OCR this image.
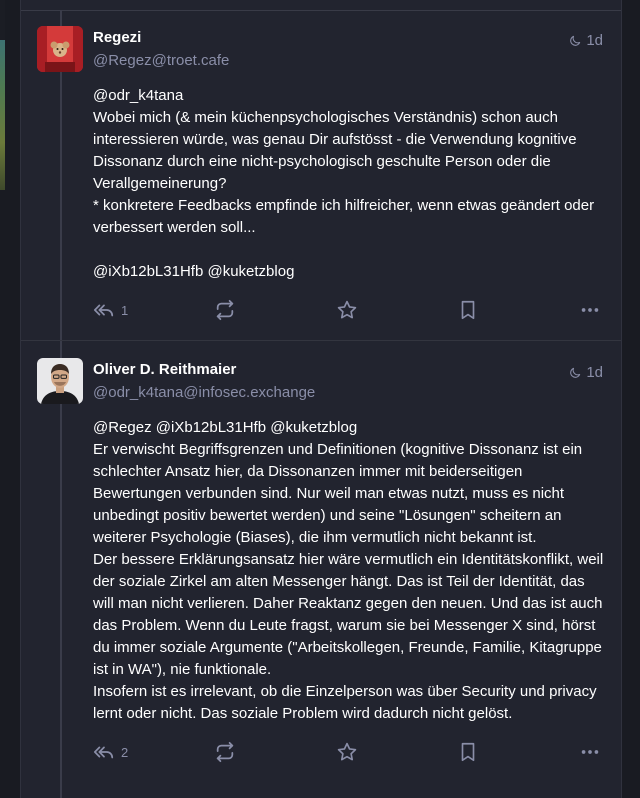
Regezi
@Regez@troet.cafe
1d
@odr_k4tana
Wobei mich (& mein küchenpsychologisches Verständnis) schon auch
interessieren würde, was genau Dir aufstösst - die Verwendung kognitive
Dissonanz durch eine nicht-psychologisch geschulte Person oder die
Verallgemeinerung?
* konkretere Feedbacks empfinde ich hilfreicher, wenn etwas geändert oder
verbessert werden soll...
@iXb12bL31Hfb @kuketzblog
1
Oliver D. Reithmaier
@odr_k4tana@infosec.exchange
1d
@Regez @iXb12bL31Hfb @kuketzblog
Er verwischt Begriffsgrenzen und Definitionen (kognitive Dissonanz ist ein
schlechter Ansatz hier, da Dissonanzen immer mit beiderseitigen
Bewertungen verbunden sind. Nur weil man etwas nutzt, muss es nicht
unbedingt positiv bewertet werden) und seine "Lösungen" scheitern an
weiterer Psychologie (Biases), die ihm vermutlich nicht bekannt ist.
Der bessere Erklärungsansatz hier wäre vermutlich ein Identitätskonflikt, weil
der soziale Zirkel am alten Messenger hängt. Das ist Teil der Identität, das
will man nicht verlieren. Daher Reaktanz gegen den neuen. Und das ist auch
das Problem. Wenn du Leute fragst, warum sie bei Messenger X sind, hörst
du immer soziale Argumente ("Arbeitskollegen, Freunde, Familie, Kitagruppe
ist in WA"), nie funktionale.
Insofern ist es irrelevant, ob die Einzelperson was über Security und privacy
lernt oder nicht. Das soziale Problem wird dadurch nicht gelöst.
2
